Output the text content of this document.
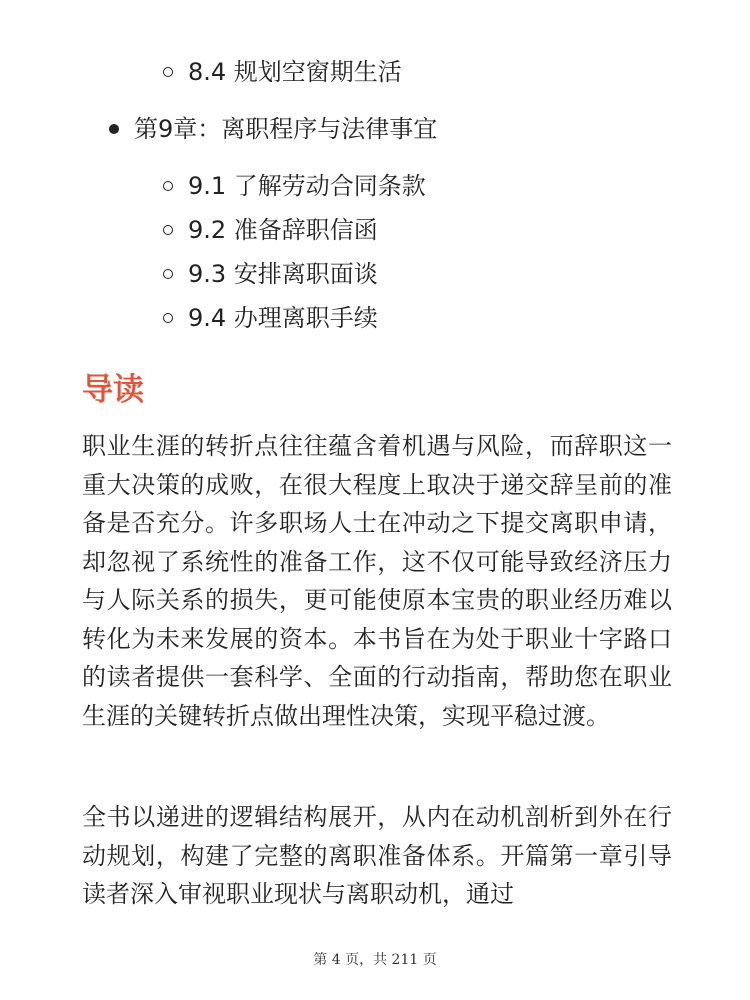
8.4 规划空窗期生活
第9章：离职程序与法律事宜
9.1 了解劳动合同条款
9.2 准备辞职信函
9.3 安排离职面谈
9.4 办理离职手续
导读

职业生涯的转折点往往蕴含着机遇与风险，而辞职这一重大决策的成败，在很大程度上取决于递交辞呈前的准备是否充分。许多职场人士在冲动之下提交离职申请，却忽视了系统性的准备工作，这不仅可能导致经济压力与人际关系的损失，更可能使原本宝贵的职业经历难以转化为未来发展的资本。本书旨在为处于职业十字路口的读者提供一套科学、全面的行动指南，帮助您在职业生涯的关键转折点做出理性决策，实现平稳过渡。

全书以递进的逻辑结构展开，从内在动机剖析到外在行动规划，构建了完整的离职准备体系。开篇第一章引导读者深入审视职业现状与离职动机，通过

第 4 页，共 211 页
